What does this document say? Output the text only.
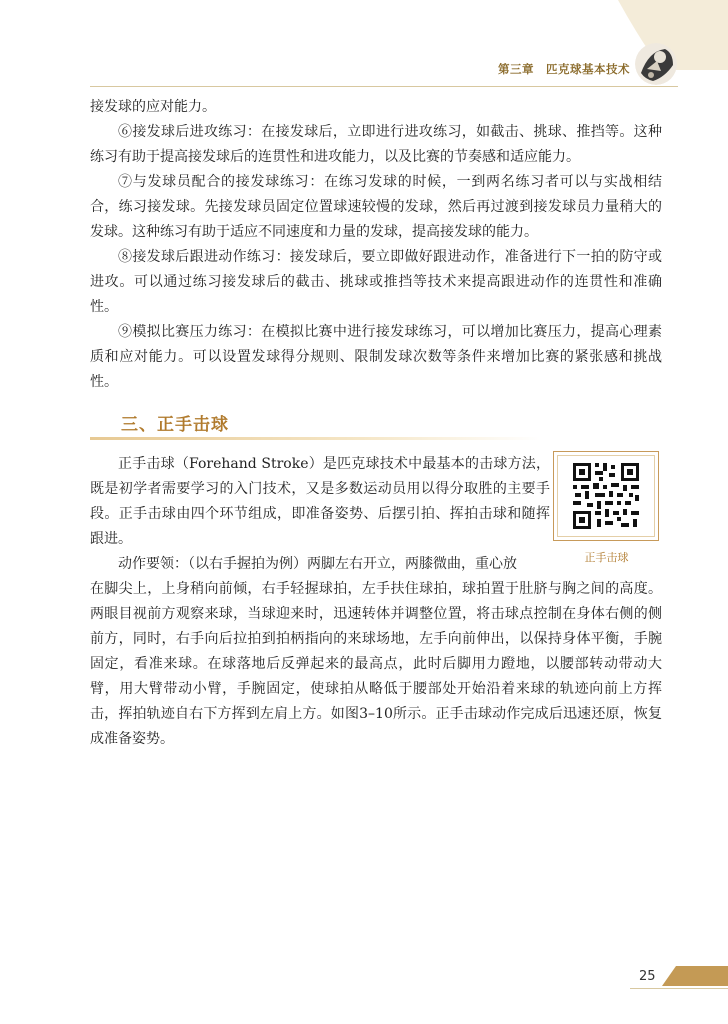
第三章　匹克球基本技术

接发球的应对能力。

⑥接发球后进攻练习：在接发球后，立即进行进攻练习，如截击、挑球、推挡等。这种练习有助于提高接发球后的连贯性和进攻能力，以及比赛的节奏感和适应能力。

⑦与发球员配合的接发球练习：在练习发球的时候，一到两名练习者可以与实战相结合，练习接发球。先接发球员固定位置球速较慢的发球，然后再过渡到接发球员力量稍大的发球。这种练习有助于适应不同速度和力量的发球，提高接发球的能力。

⑧接发球后跟进动作练习：接发球后，要立即做好跟进动作，准备进行下一拍的防守或进攻。可以通过练习接发球后的截击、挑球或推挡等技术来提高跟进动作的连贯性和准确性。

⑨模拟比赛压力练习：在模拟比赛中进行接发球练习，可以增加比赛压力，提高心理素质和应对能力。可以设置发球得分规则、限制发球次数等条件来增加比赛的紧张感和挑战性。

三、正手击球

正手击球（Forehand Stroke）是匹克球技术中最基本的击球方法，既是初学者需要学习的入门技术，又是多数运动员用以得分取胜的主要手段。正手击球由四个环节组成，即准备姿势、后摆引拍、挥拍击球和随挥跟进。

动作要领：（以右手握拍为例）两脚左右开立，两膝微曲，重心放	正手击球

在脚尖上，上身稍向前倾，右手轻握球拍，左手扶住球拍，球拍置于肚脐与胸之间的高度。两眼目视前方观察来球，当球迎来时，迅速转体并调整位置，将击球点控制在身体右侧的侧前方，同时，右手向后拉拍到拍柄指向的来球场地，左手向前伸出，以保持身体平衡，手腕固定，看准来球。在球落地后反弹起来的最高点，此时后脚用力蹬地，以腰部转动带动大臂，用大臂带动小臂，手腕固定，使球拍从略低于腰部处开始沿着来球的轨迹向前上方挥击，挥拍轨迹自右下方挥到左肩上方。如图3–10所示。正手击球动作完成后迅速还原，恢复成准备姿势。

25
